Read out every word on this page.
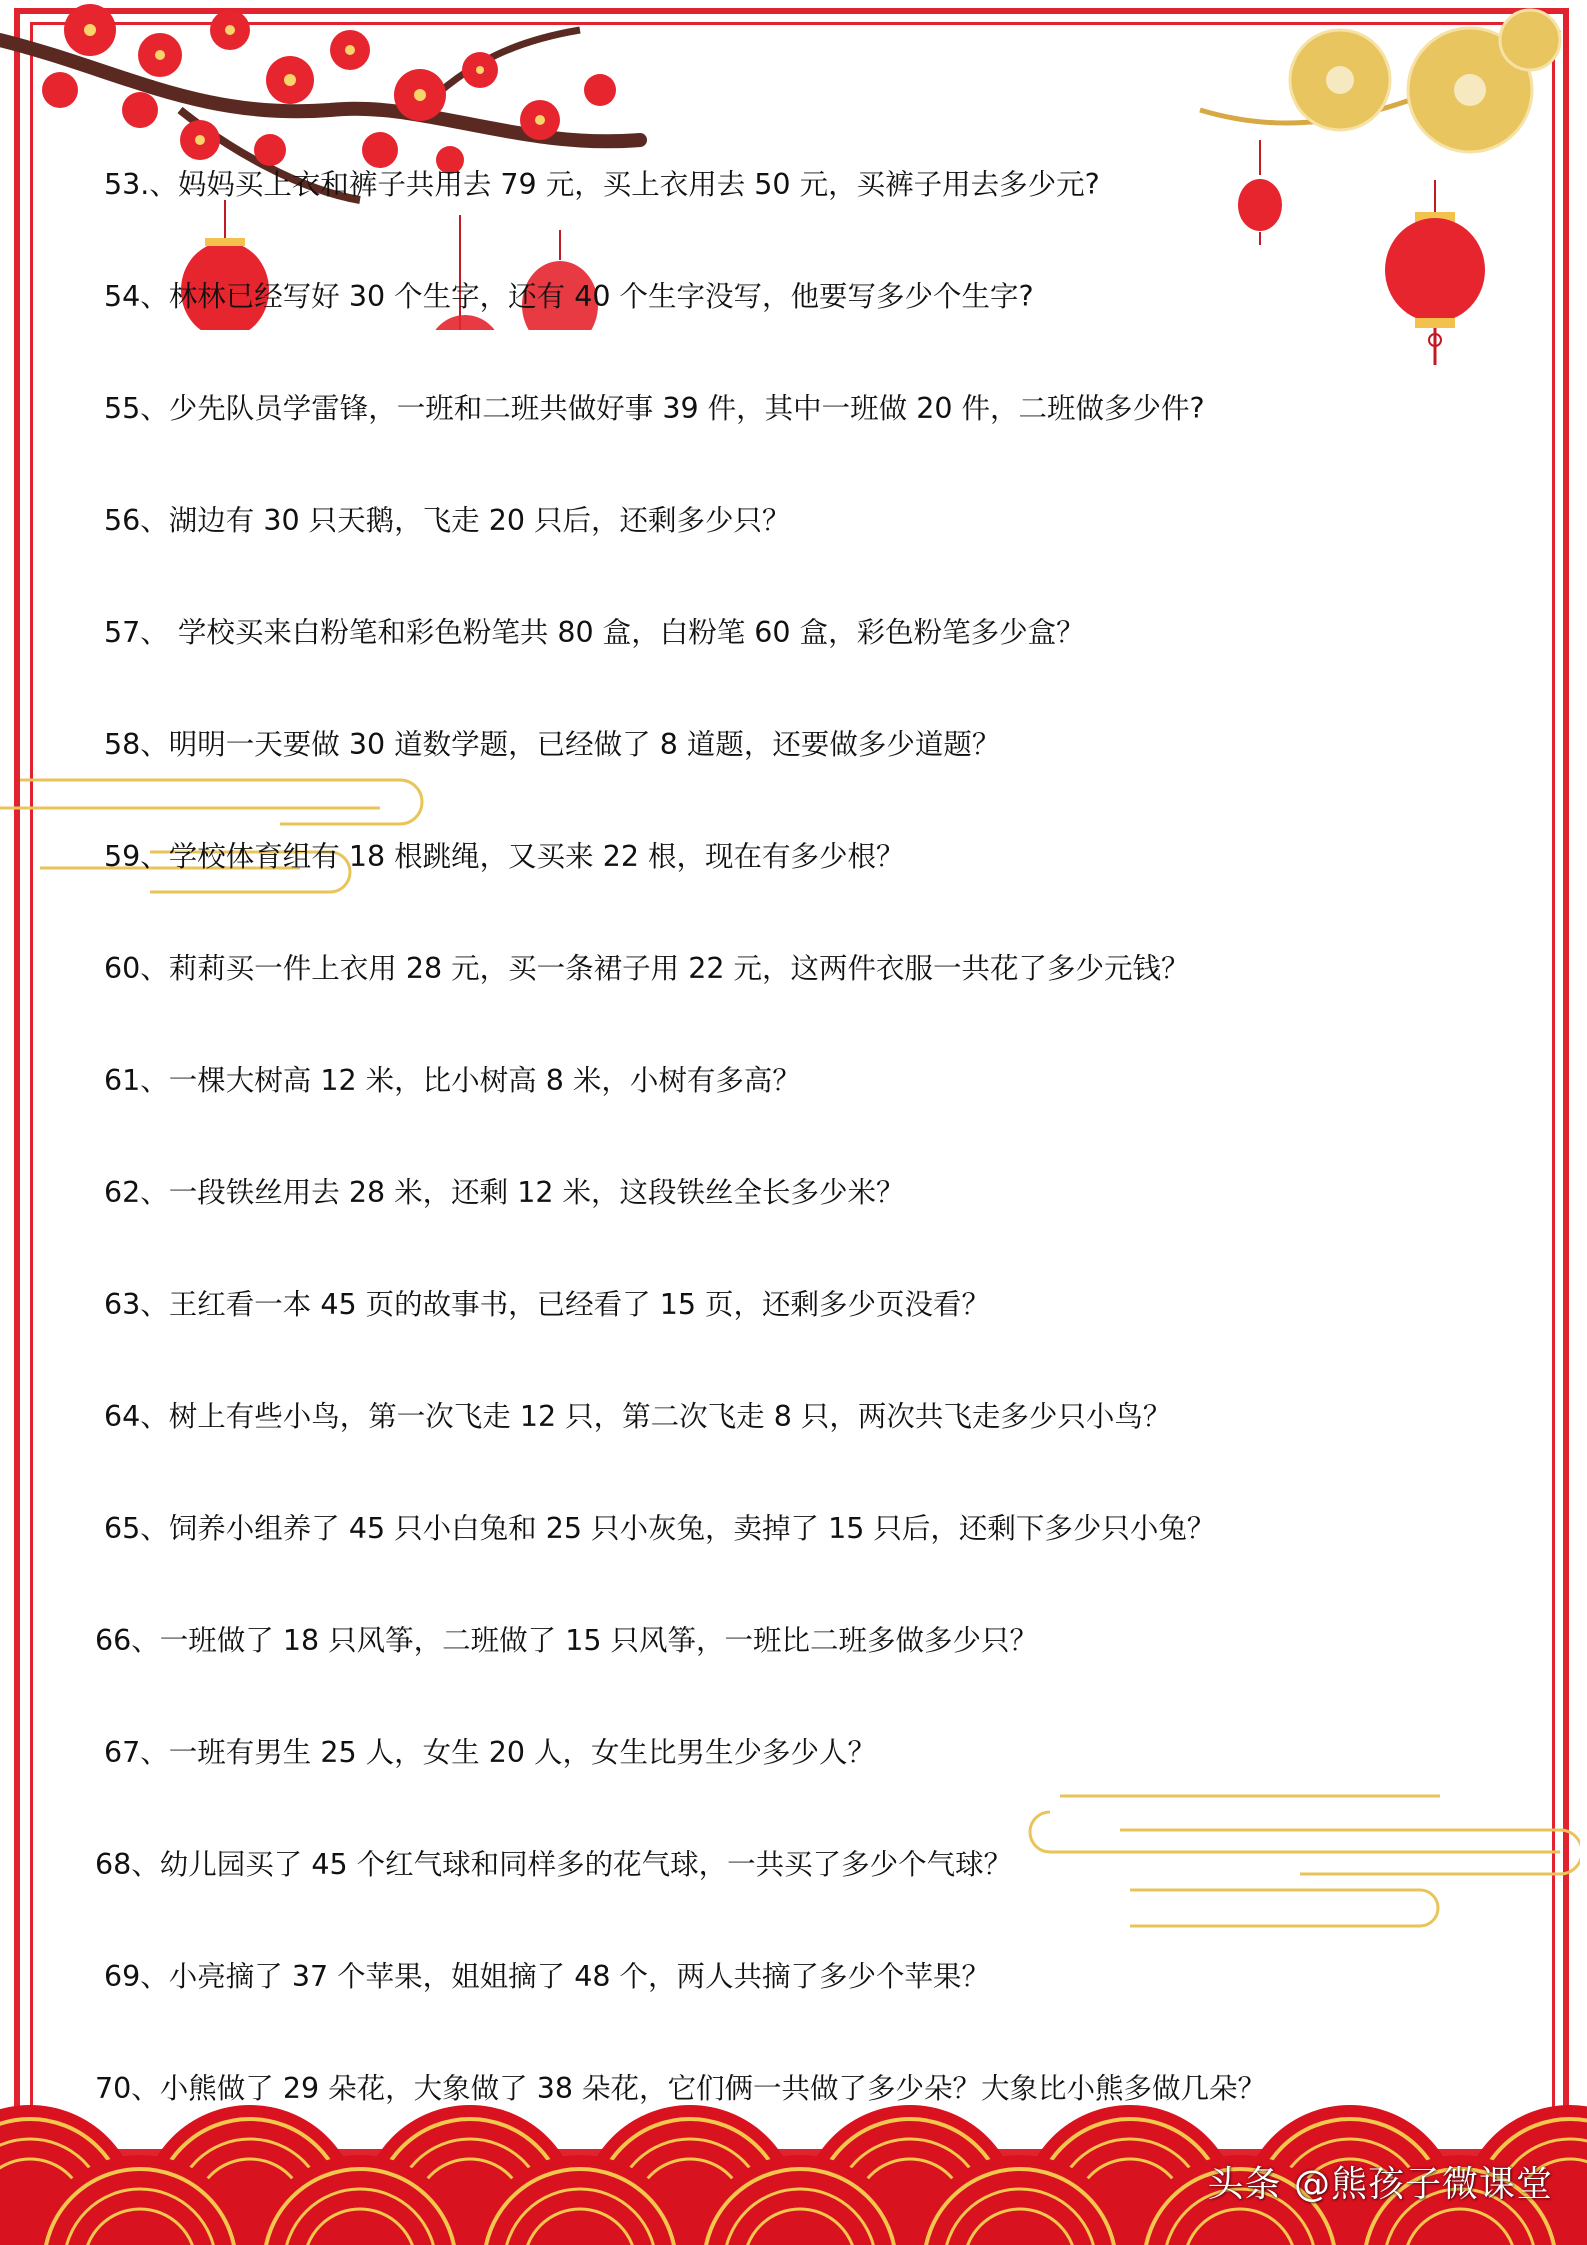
53.、妈妈买上衣和裤子共用去 79 元，买上衣用去 50 元，买裤子用去多少元?
54、林林已经写好 30 个生字，还有 40 个生字没写，他要写多少个生字?
55、少先队员学雷锋，一班和二班共做好事 39 件，其中一班做 20 件，二班做多少件?
56、湖边有 30 只天鹅，飞走 20 只后，还剩多少只？
57、 学校买来白粉笔和彩色粉笔共 80 盒，白粉笔 60 盒，彩色粉笔多少盒？
58、明明一天要做 30 道数学题，已经做了 8 道题，还要做多少道题？
59、学校体育组有 18 根跳绳，又买来 22 根，现在有多少根？
60、莉莉买一件上衣用 28 元，买一条裙子用 22 元，这两件衣服一共花了多少元钱？
61、一棵大树高 12 米，比小树高 8 米，小树有多高？
62、一段铁丝用去 28 米，还剩 12 米，这段铁丝全长多少米？
63、王红看一本 45 页的故事书，已经看了 15 页，还剩多少页没看？
64、树上有些小鸟，第一次飞走 12 只，第二次飞走 8 只，两次共飞走多少只小鸟？
65、饲养小组养了 45 只小白兔和 25 只小灰兔，卖掉了 15 只后，还剩下多少只小兔？
66、一班做了 18 只风筝，二班做了 15 只风筝，一班比二班多做多少只？
67、一班有男生 25 人，女生 20 人，女生比男生少多少人？
68、幼儿园买了 45 个红气球和同样多的花气球，一共买了多少个气球？
69、小亮摘了 37 个苹果，姐姐摘了 48 个，两人共摘了多少个苹果？
70、小熊做了 29 朵花，大象做了 38 朵花，它们俩一共做了多少朵？大象比小熊多做几朵？
头条 @熊孩子微课堂
